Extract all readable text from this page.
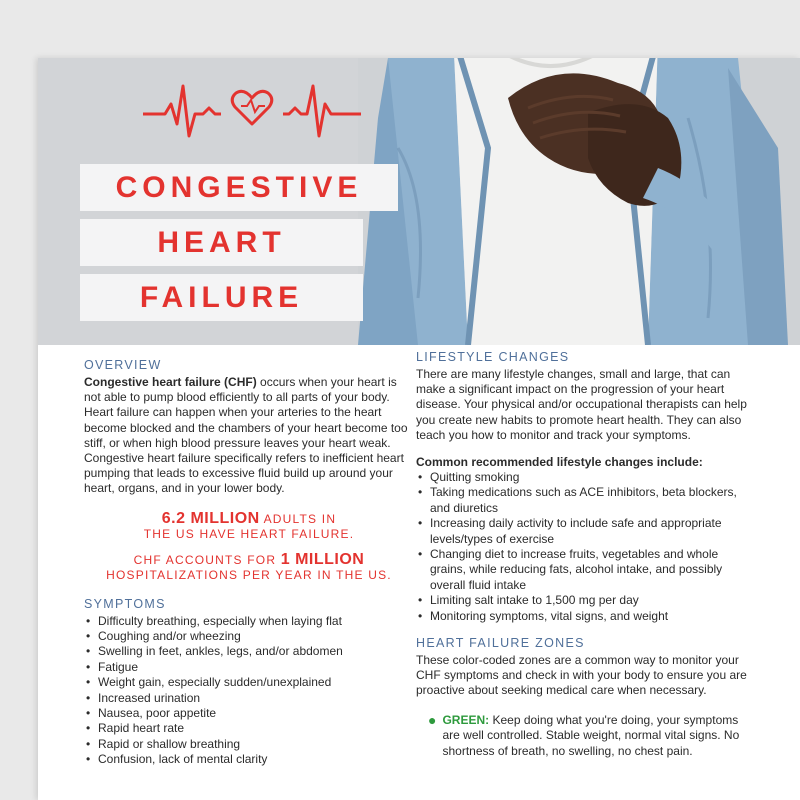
CONGESTIVE
HEART
FAILURE
OVERVIEW

Congestive heart failure (CHF) occurs when your heart is not able to pump blood efficiently to all parts of your body. Heart failure can happen when your arteries to the heart become blocked and the chambers of your heart become too stiff, or when high blood pressure leaves your heart weak. Congestive heart failure specifically refers to inefficient heart pumping that leads to excessive fluid build up around your heart, organs, and in your lower body.

6.2 MILLION ADULTS IN
THE US HAVE HEART FAILURE.
CHF ACCOUNTS FOR 1 MILLION
HOSPITALIZATIONS PER YEAR IN THE US.
SYMPTOMS
• Difficulty breathing, especially when laying flat
• Coughing and/or wheezing
• Swelling in feet, ankles, legs, and/or abdomen
• Fatigue
• Weight gain, especially sudden/unexplained
• Increased urination
• Nausea, poor appetite
• Rapid heart rate
• Rapid or shallow breathing
• Confusion, lack of mental clarity
LIFESTYLE CHANGES

There are many lifestyle changes, small and large, that can make a significant impact on the progression of your heart disease. Your physical and/or occupational therapists can help you create new habits to promote heart health. They can also teach you how to monitor and track your symptoms.

Common recommended lifestyle changes include:
• Quitting smoking
• Taking medications such as ACE inhibitors, beta blockers, and diuretics
• Increasing daily activity to include safe and appropriate levels/types of exercise
• Changing diet to increase fruits, vegetables and whole grains, while reducing fats, alcohol intake, and possibly overall fluid intake
• Limiting salt intake to 1,500 mg per day
• Monitoring symptoms, vital signs, and weight
HEART FAILURE ZONES

These color-coded zones are a common way to monitor your CHF symptoms and check in with your body to ensure you are proactive about seeking medical care when necessary.

● GREEN: Keep doing what you're doing, your symptoms are well controlled. Stable weight, normal vital signs. No shortness of breath, no swelling, no chest pain.
